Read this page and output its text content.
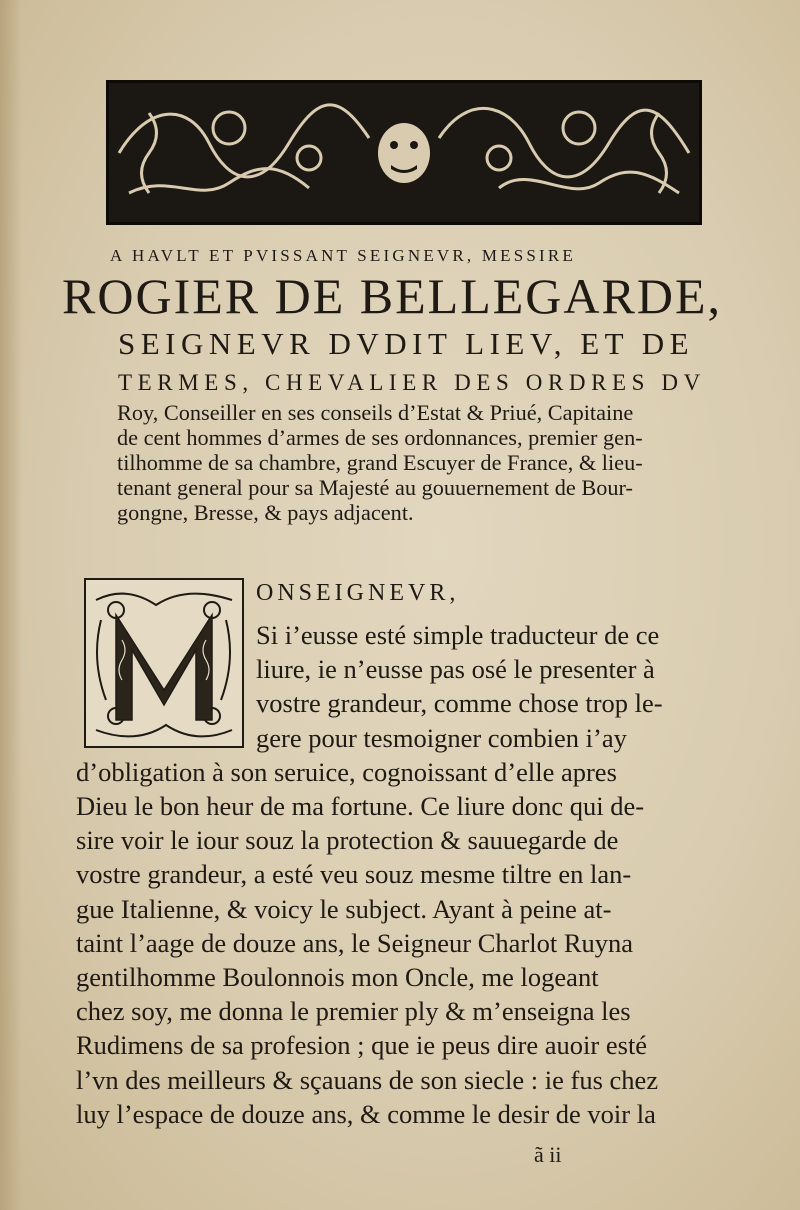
A HAVLT ET PVISSANT SEIGNEVR, MESSIRE
ROGIER DE BELLEGARDE,
SEIGNEVR DVDIT LIEV, ET DE
TERMES, CHEVALIER DES ORDRES DV
Roy, Conseiller en ses conseils d’Estat & Priué, Capitaine
de cent hommes d’armes de ses ordonnances, premier gen-
tilhomme de sa chambre, grand Escuyer de France, & lieu-
tenant general pour sa Majesté au gouuernement de Bour-
gongne, Bresse, & pays adjacent.
ONSEIGNEVR,
Si i’eusse esté simple traducteur de ce
liure, ie n’eusse pas osé le presenter à
vostre grandeur, comme chose trop le-
gere pour tesmoigner combien i’ay
d’obligation à son seruice, cognoissant d’elle apres
Dieu le bon heur de ma fortune. Ce liure donc qui de-
sire voir le iour souz la protection & sauuegarde de
vostre grandeur, a esté veu souz mesme tiltre en lan-
gue Italienne, & voicy le subject. Ayant à peine at-
taint l’aage de douze ans, le Seigneur Charlot Ruyna
gentilhomme Boulonnois mon Oncle, me logeant
chez soy, me donna le premier ply & m’enseigna les
Rudimens de sa profesion ; que ie peus dire auoir esté
l’vn des meilleurs & sçauans de son siecle : ie fus chez
luy l’espace de douze ans, & comme le desir de voir la
ã ii
